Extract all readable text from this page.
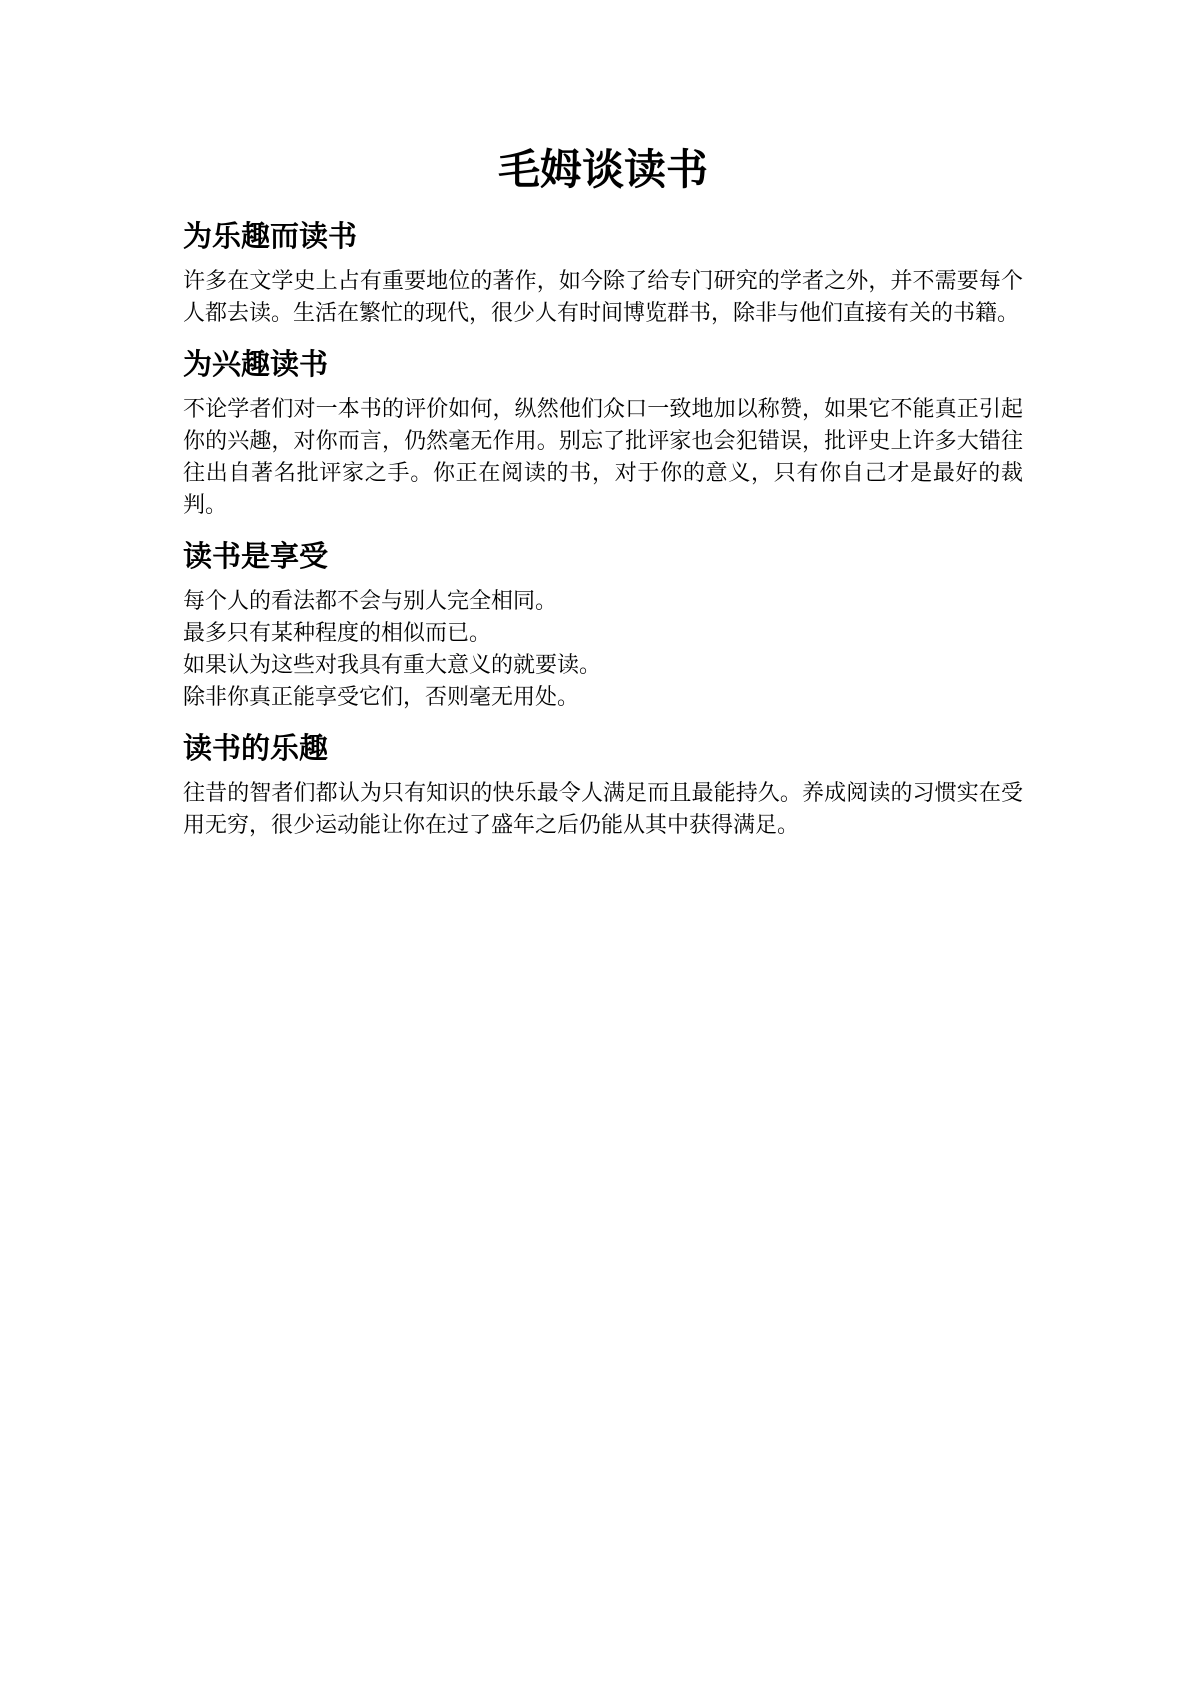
毛姆谈读书
为乐趣而读书

许多在文学史上占有重要地位的著作，如今除了给专门研究的学者之外，并不需要每个人都去读。生活在繁忙的现代，很少人有时间博览群书，除非与他们直接有关的书籍。

为兴趣读书

不论学者们对一本书的评价如何，纵然他们众口一致地加以称赞，如果它不能真正引起你的兴趣，对你而言，仍然毫无作用。别忘了批评家也会犯错误，批评史上许多大错往往出自著名批评家之手。你正在阅读的书，对于你的意义，只有你自己才是最好的裁判。

读书是享受
每个人的看法都不会与别人完全相同。
最多只有某种程度的相似而已。
如果认为这些对我具有重大意义的就要读。
除非你真正能享受它们，否则毫无用处。
读书的乐趣

往昔的智者们都认为只有知识的快乐最令人满足而且最能持久。养成阅读的习惯实在受用无穷，很少运动能让你在过了盛年之后仍能从其中获得满足。
